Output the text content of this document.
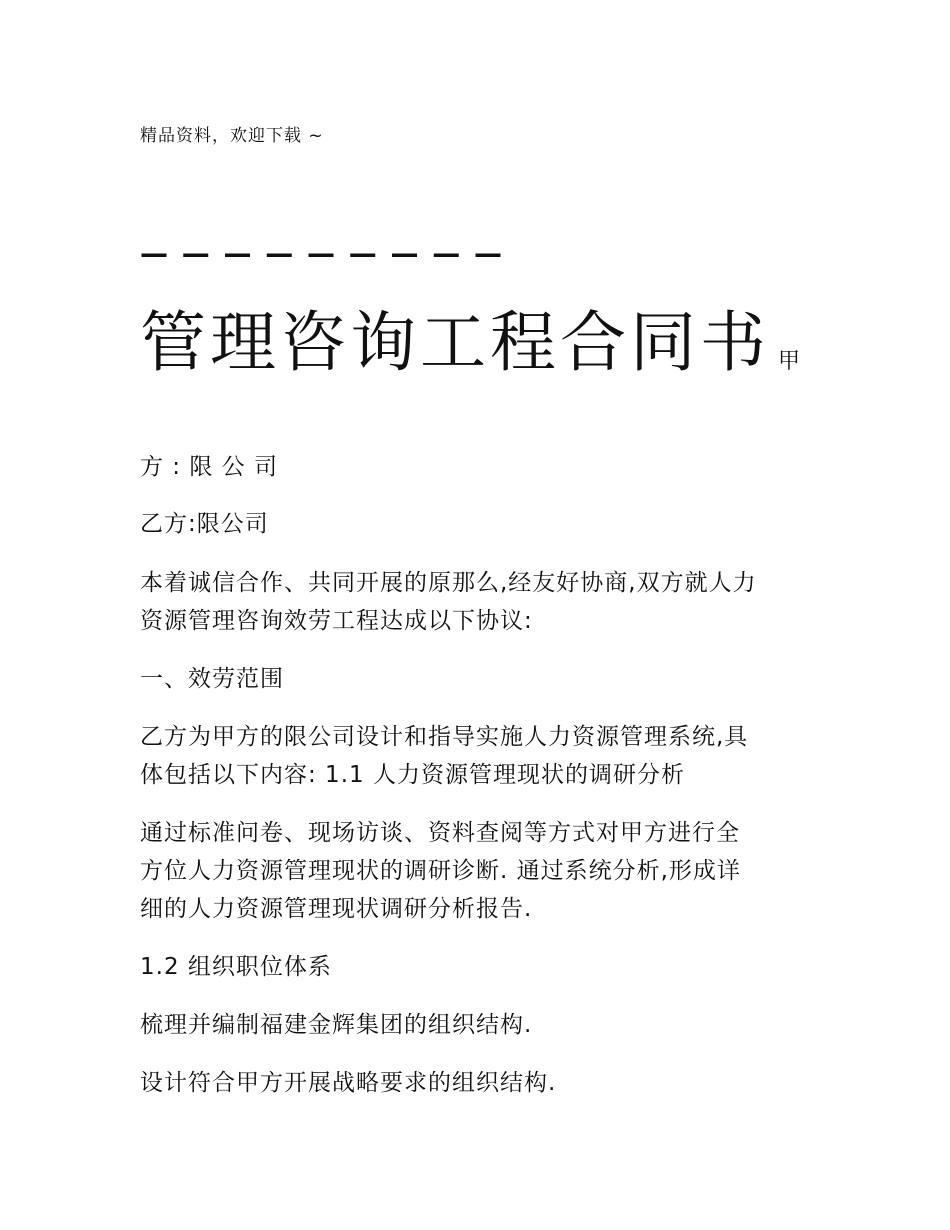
精品资料，欢迎下载 ~

— — — — — — — — —
管理咨询工程合同书 甲

方 : 限 公 司

乙方:限公司

本着诚信合作、共同开展的原那么,经友好协商,双方就人力

资源管理咨询效劳工程达成以下协议:

一、效劳范围

乙方为甲方的限公司设计和指导实施人力资源管理系统,具

体包括以下内容: 1.1 人力资源管理现状的调研分析

通过标准问卷、现场访谈、资料查阅等方式对甲方进行全

方位人力资源管理现状的调研诊断. 通过系统分析,形成详

细的人力资源管理现状调研分析报告.

1.2 组织职位体系

梳理并编制福建金辉集团的组织结构.

设计符合甲方开展战略要求的组织结构.
